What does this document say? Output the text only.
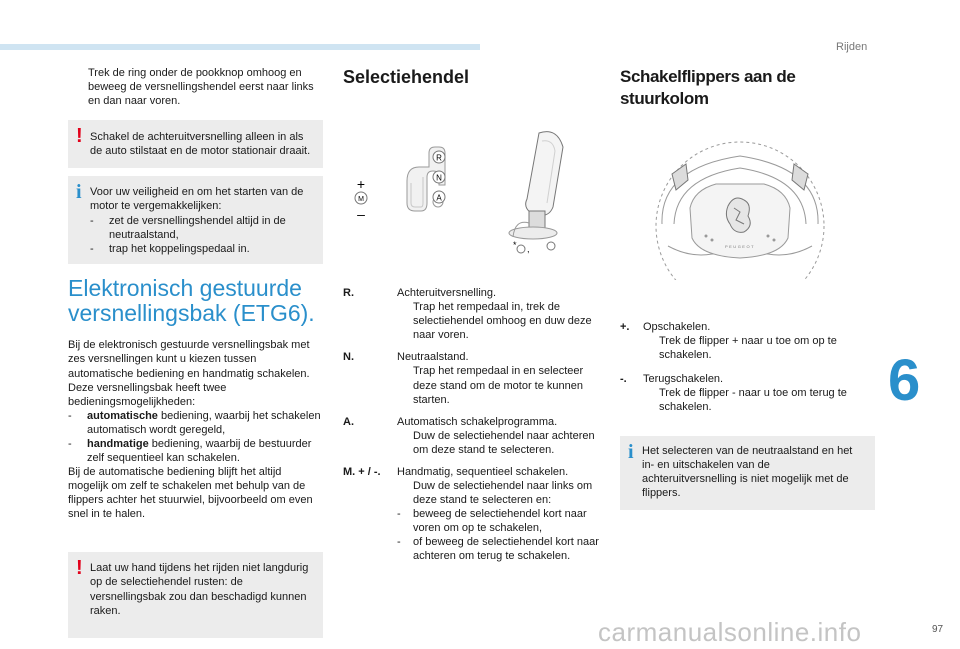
Rijden
6
97
carmanualsonline.info

Trek de ring onder de pookknop omhoog en beweeg de versnellingshendel eerst naar links en dan naar voren.

! Schakel de achteruitversnelling alleen in als de auto stilstaat en de motor stationair draait.

i Voor uw veiligheid en om het starten van de motor te vergemakkelijken:

- zet de versnellingshendel altijd in de neutraalstand,

- trap het koppelingspedaal in.

Elektronisch gestuurde
versnellingsbak (ETG6).

Bij de elektronisch gestuurde versnellingsbak met zes versnellingen kunt u kiezen tussen automatische bediening en handmatig schakelen.

Deze versnellingsbak heeft twee bedieningsmogelijkheden:

- automatische bediening, waarbij het schakelen automatisch wordt geregeld,

- handmatige bediening, waarbij de bestuurder zelf sequentieel kan schakelen.

Bij de automatische bediening blijft het altijd mogelijk om zelf te schakelen met behulp van de flippers achter het stuurwiel, bijvoorbeeld om even snel in te halen.

! Laat uw hand tijdens het rijden niet langdurig op de selectiehendel rusten: de versnellingsbak zou dan beschadigd kunnen raken.

Selectiehendel
R
N
A
+
M
–
* ,
R.	Achteruitversnelling.

Trap het rempedaal in, trek de selectiehendel omhoog en duw deze naar voren.

N.	Neutraalstand.

Trap het rempedaal in en selecteer deze stand om de motor te kunnen starten.

A.	Automatisch schakelprogramma.

Duw de selectiehendel naar achteren om deze stand te selecteren.

M. + / -. Handmatig, sequentieel schakelen.

Duw de selectiehendel naar links om deze stand te selecteren en:

- beweeg de selectiehendel kort naar voren om op te schakelen,

- of beweeg de selectiehendel kort naar achteren om terug te schakelen.

Schakelflippers aan de stuurkolom
PEUGEOT
+. Opschakelen.

Trek de flipper + naar u toe om op te schakelen.

-. Terugschakelen.

Trek de flipper - naar u toe om terug te schakelen.

i Het selecteren van de neutraalstand en het in- en uitschakelen van de achteruitversnelling is niet mogelijk met de flippers.
